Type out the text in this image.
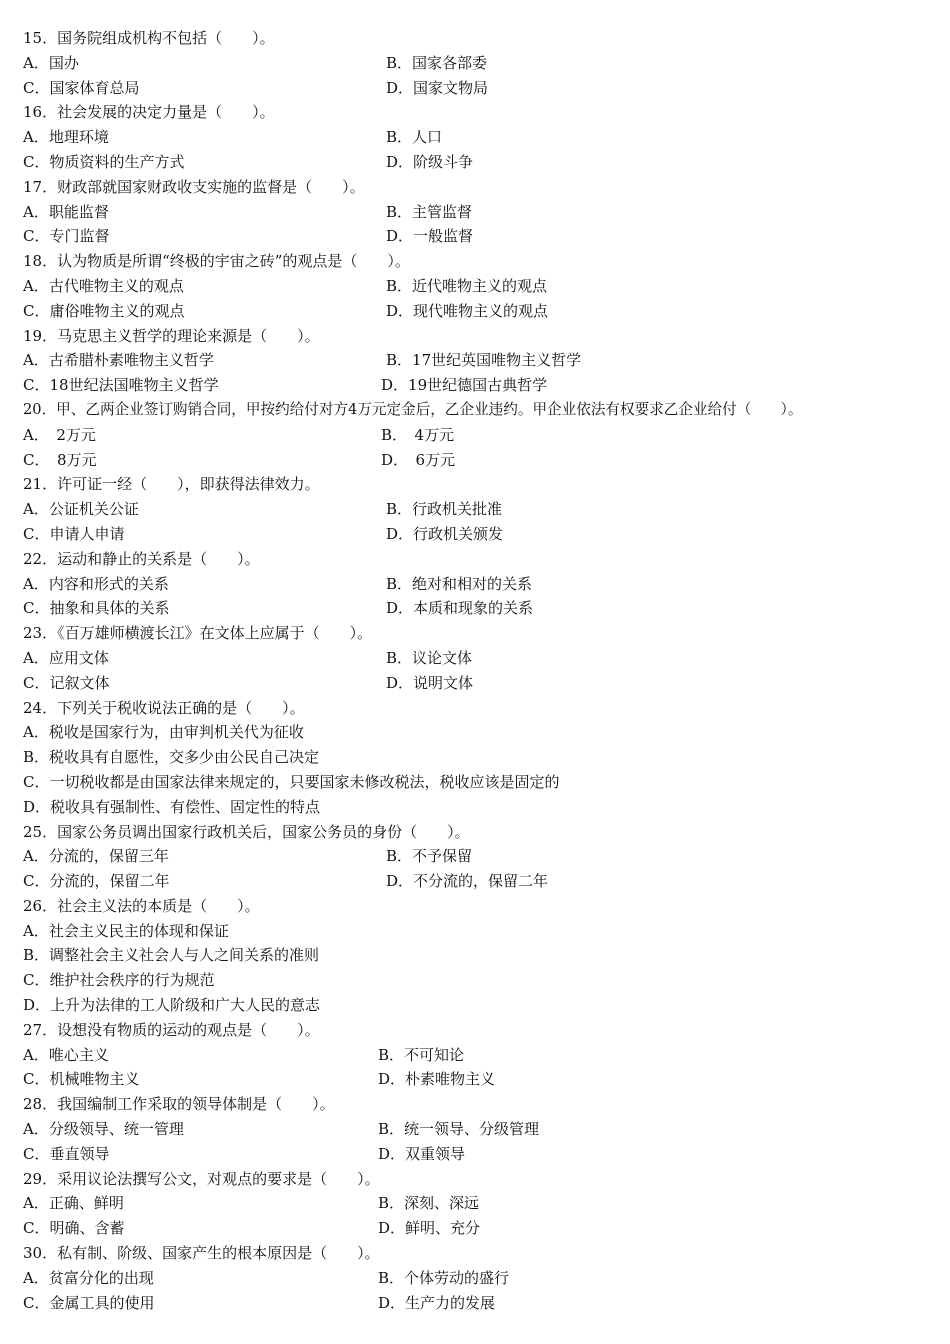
15．国务院组成机构不包括（　　）。
A．国办	B．国家各部委
C．国家体育总局	D．国家文物局
16．社会发展的决定力量是（　　）。
A．地理环境	B．人口
C．物质资料的生产方式	D．阶级斗争
17．财政部就国家财政收支实施的监督是（　　）。
A．职能监督	B．主管监督
C．专门监督	D．一般监督
18．认为物质是所谓“终极的宇宙之砖”的观点是（　　）。
A．古代唯物主义的观点	B．近代唯物主义的观点
C．庸俗唯物主义的观点	D．现代唯物主义的观点
19．马克思主义哲学的理论来源是（　　）。
A．古希腊朴素唯物主义哲学	B．17世纪英国唯物主义哲学
C．18世纪法国唯物主义哲学	D．19世纪德国古典哲学
20．甲、乙两企业签订购销合同，甲按约给付对方4万元定金后，乙企业违约。甲企业依法有权要求乙企业给付（　　）。
A．　2万元	B．　4万元
C．　8万元	D．　6万元
21．许可证一经（　　），即获得法律效力。
A．公证机关公证	B．行政机关批准
C．申请人申请	D．行政机关颁发
22．运动和静止的关系是（　　）。
A．内容和形式的关系	B．绝对和相对的关系
C．抽象和具体的关系	D．本质和现象的关系
23．《百万雄师横渡长江》在文体上应属于（　　）。
A．应用文体	B．议论文体
C．记叙文体	D．说明文体
24．下列关于税收说法正确的是（　　）。
A．税收是国家行为，由审判机关代为征收
B．税收具有自愿性，交多少由公民自己决定
C．一切税收都是由国家法律来规定的，只要国家未修改税法，税收应该是固定的
D．税收具有强制性、有偿性、固定性的特点
25．国家公务员调出国家行政机关后，国家公务员的身份（　　）。
A．分流的，保留三年	B．不予保留
C．分流的，保留二年	D．不分流的，保留二年
26．社会主义法的本质是（　　）。
A．社会主义民主的体现和保证
B．调整社会主义社会人与人之间关系的准则
C．维护社会秩序的行为规范
D．上升为法律的工人阶级和广大人民的意志
27．设想没有物质的运动的观点是（　　）。
A．唯心主义	B．不可知论
C．机械唯物主义	D．朴素唯物主义
28．我国编制工作采取的领导体制是（　　）。
A．分级领导、统一管理	B．统一领导、分级管理
C．垂直领导	D．双重领导
29．采用议论法撰写公文，对观点的要求是（　　）。
A．正确、鲜明	B．深刻、深远
C．明确、含蓄	D．鲜明、充分
30．私有制、阶级、国家产生的根本原因是（　　）。
A．贫富分化的出现	B．个体劳动的盛行
C．金属工具的使用	D．生产力的发展
